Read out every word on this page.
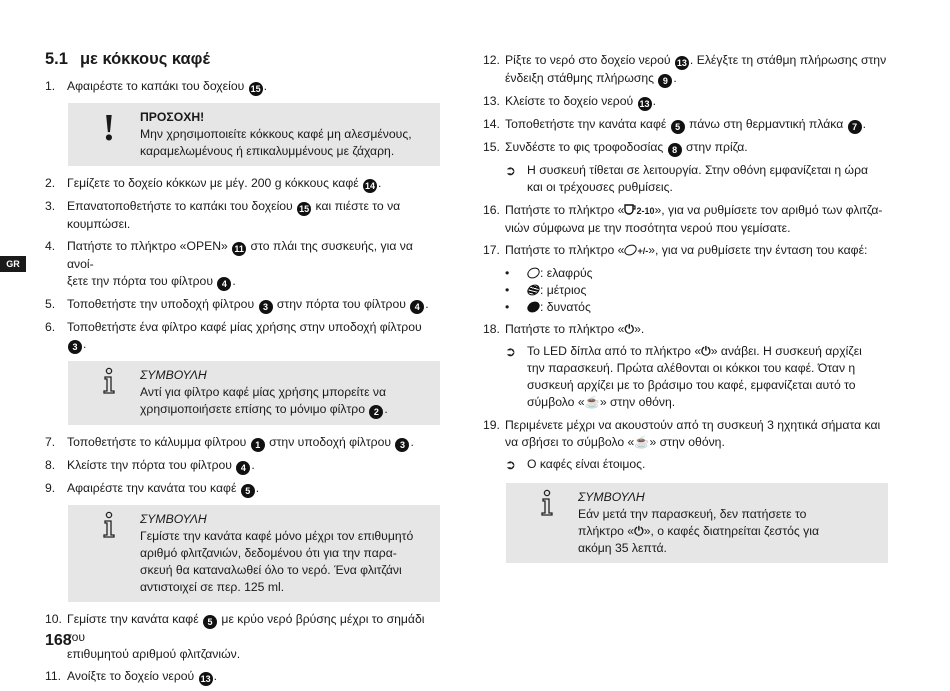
GR
5.1 με κόκκους καφέ
1. Αφαιρέστε το καπάκι του δοχείου 15 .
! ΠΡΟΣΟΧΗ!
Μην χρησιμοποιείτε κόκκους καφέ μη αλεσμένους,
καραμελωμένους ή επικαλυμμένους με ζάχαρη.
2. Γεμίζετε το δοχείο κόκκων με μέγ. 200 g κόκκους καφέ 14 .
3. Επανατοποθετήστε το καπάκι του δοχείου 15 και πιέστε το να κουμπώσει.
4. Πατήστε το πλήκτρο «OPEN» 11 στο πλάι της συσκευής, για να ανοί-
ξετε την πόρτα του φίλτρου 4 .
5. Τοποθετήστε την υποδοχή φίλτρου 3 στην πόρτα του φίλτρου 4 .
6. Τοποθετήστε ένα φίλτρο καφέ μίας χρήσης στην υποδοχή φίλτρου 3 .
ΣΥΜΒΟΥΛΗ
Αντί για φίλτρο καφέ μίας χρήσης μπορείτε να
χρησιμοποιήσετε επίσης το μόνιμο φίλτρο 2 .
7. Τοποθετήστε το κάλυμμα φίλτρου 1 στην υποδοχή φίλτρου 3 .
8. Κλείστε την πόρτα του φίλτρου 4 .
9. Αφαιρέστε την κανάτα του καφέ 5 .
ΣΥΜΒΟΥΛΗ
Γεμίστε την κανάτα καφέ μόνο μέχρι τον επιθυμητό
αριθμό φλιτζανιών, δεδομένου ότι για την παρα-
σκευή θα καταναλωθεί όλο το νερό. Ένα φλιτζάνι
αντιστοιχεί σε περ. 125 ml.
10. Γεμίστε την κανάτα καφέ 5 με κρύο νερό βρύσης μέχρι το σημάδι του
επιθυμητού αριθμού φλιτζανιών.
11. Ανοίξτε το δοχείο νερού 13 .
12. Ρίξτε το νερό στο δοχείο νερού 13 . Ελέγξτε τη στάθμη πλήρωσης στην
ένδειξη στάθμης πλήρωσης 9 .
13. Κλείστε το δοχείο νερού 13 .
14. Τοποθετήστε την κανάτα καφέ 5 πάνω στη θερμαντική πλάκα 7 .
15. Συνδέστε το φις τροφοδοσίας 8 στην πρίζα.
➲ Η συσκευή τίθεται σε λειτουργία. Στην οθόνη εμφανίζεται η ώρα
και οι τρέχουσες ρυθμίσεις.
16. Πατήστε το πλήκτρο « 2-10», για να ρυθμίσετε τον αριθμό των φλιτζα-
νιών σύμφωνα με την ποσότητα νερού που γεμίσατε.
17. Πατήστε το πλήκτρο « +/-», για να ρυθμίσετε την ένταση του καφέ:
•	: ελαφρύς
•	: μέτριος
•	: δυνατός
18. Πατήστε το πλήκτρο «⏻».
➲ Το LED δίπλα από το πλήκτρο «⏻» ανάβει. Η συσκευή αρχίζει
την παρασκευή. Πρώτα αλέθονται οι κόκκοι του καφέ. Όταν η
συσκευή αρχίζει με το βράσιμο του καφέ, εμφανίζεται αυτό το
σύμβολο «☕» στην οθόνη.
19. Περιμένετε μέχρι να ακουστούν από τη συσκευή 3 ηχητικά σήματα και
να σβήσει το σύμβολο «☕» στην οθόνη.
➲ Ο καφές είναι έτοιμος.
ΣΥΜΒΟΥΛΗ
Εάν μετά την παρασκευή, δεν πατήσετε το
πλήκτρο «⏻», ο καφές διατηρείται ζεστός για
ακόμη 35 λεπτά.
168
